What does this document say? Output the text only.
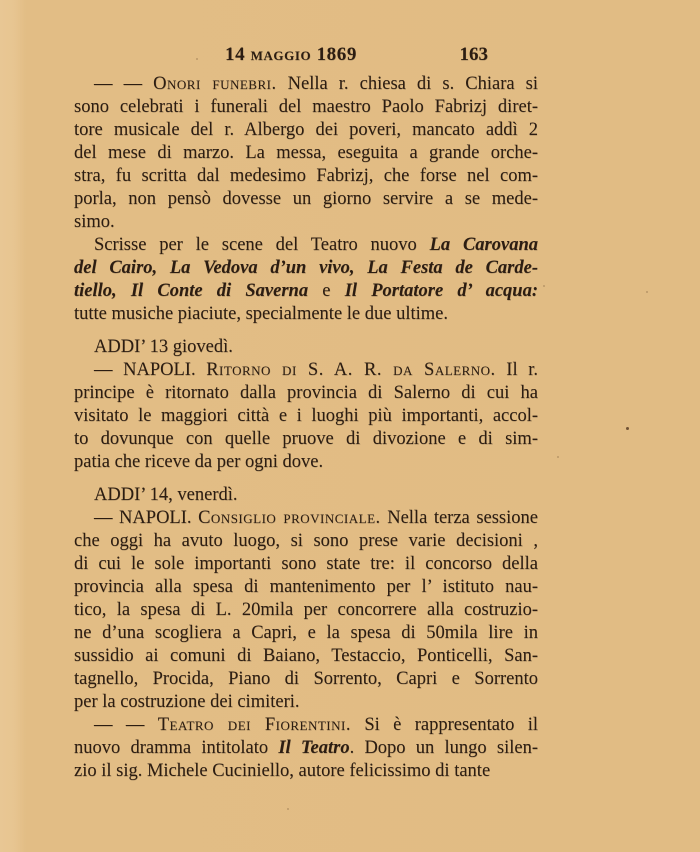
14 maggio 1869	163
— — Onori funebri. Nella r. chiesa di s. Chiara si
sono celebrati i funerali del maestro Paolo Fabrizj diret-
tore musicale del r. Albergo dei poveri, mancato addì 2
del mese di marzo. La messa, eseguita a grande orche-
stra, fu scritta dal medesimo Fabrizj, che forse nel com-
porla, non pensò dovesse un giorno servire a se mede-
simo.
Scrisse per le scene del Teatro nuovo La Carovana
del Cairo, La Vedova d’un vivo, La Festa de Carde-
tiello, Il Conte di Saverna e Il Portatore d’ acqua:
tutte musiche piaciute, specialmente le due ultime.
ADDI’ 13 giovedì.
— NAPOLI. Ritorno di S. A. R. da Salerno. Il r.
principe è ritornato dalla provincia di Salerno di cui ha
visitato le maggiori città e i luoghi più importanti, accol-
to dovunque con quelle pruove di divozione e di sim-
patia che riceve da per ogni dove.
ADDI’ 14, venerdì.
— NAPOLI. Consiglio provinciale. Nella terza sessione
che oggi ha avuto luogo, si sono prese varie decisioni ,
di cui le sole importanti sono state tre: il concorso della
provincia alla spesa di mantenimento per l’ istituto nau-
tico, la spesa di L. 20mila per concorrere alla costruzio-
ne d’una scogliera a Capri, e la spesa di 50mila lire in
sussidio ai comuni di Baiano, Testaccio, Ponticelli, San-
tagnello, Procida, Piano di Sorrento, Capri e Sorrento
per la costruzione dei cimiteri.
— — Teatro dei Fiorentini. Si è rappresentato il
nuovo dramma intitolato Il Teatro. Dopo un lungo silen-
zio il sig. Michele Cuciniello, autore felicissimo di tante
